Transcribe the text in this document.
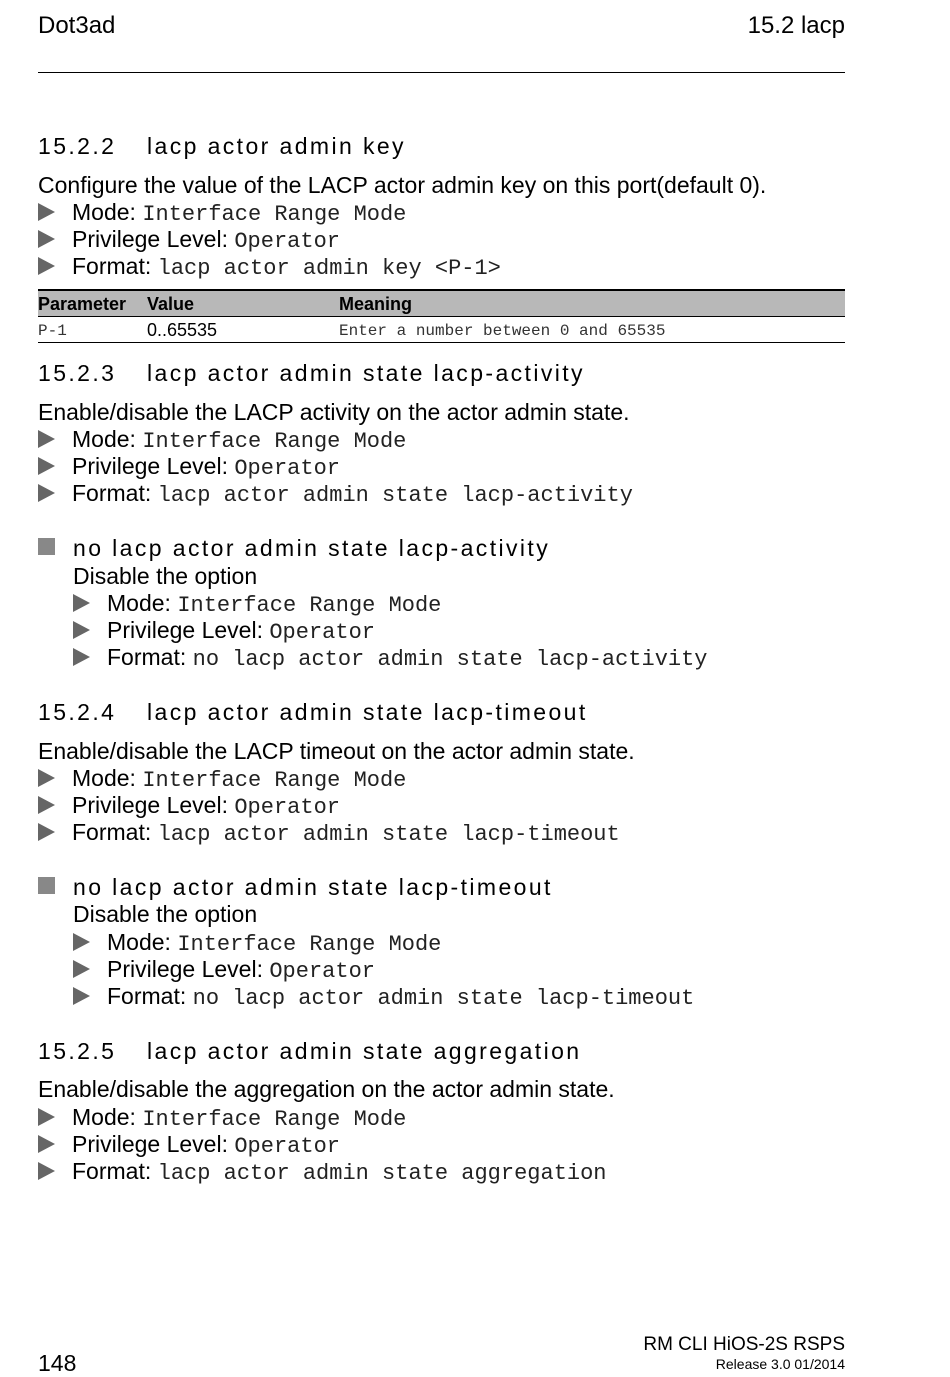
Dot3ad	15.2 lacp
15.2.2 lacp actor admin key
Configure the value of the LACP actor admin key on this port(default 0).
Mode: Interface Range Mode
Privilege Level: Operator
Format: lacp actor admin key <P-1>
Parameter Value	Meaning
P-1	0..65535	Enter a number between 0 and 65535
15.2.3 lacp actor admin state lacp-activity
Enable/disable the LACP activity on the actor admin state.
Mode: Interface Range Mode
Privilege Level: Operator
Format: lacp actor admin state lacp-activity
no lacp actor admin state lacp-activity
Disable the option
Mode: Interface Range Mode
Privilege Level: Operator
Format: no lacp actor admin state lacp-activity
15.2.4 lacp actor admin state lacp-timeout
Enable/disable the LACP timeout on the actor admin state.
Mode: Interface Range Mode
Privilege Level: Operator
Format: lacp actor admin state lacp-timeout
no lacp actor admin state lacp-timeout
Disable the option
Mode: Interface Range Mode
Privilege Level: Operator
Format: no lacp actor admin state lacp-timeout
15.2.5 lacp actor admin state aggregation
Enable/disable the aggregation on the actor admin state.
Mode: Interface Range Mode
Privilege Level: Operator
Format: lacp actor admin state aggregation
148
RM CLI HiOS-2S RSPS
Release 3.0 01/2014
